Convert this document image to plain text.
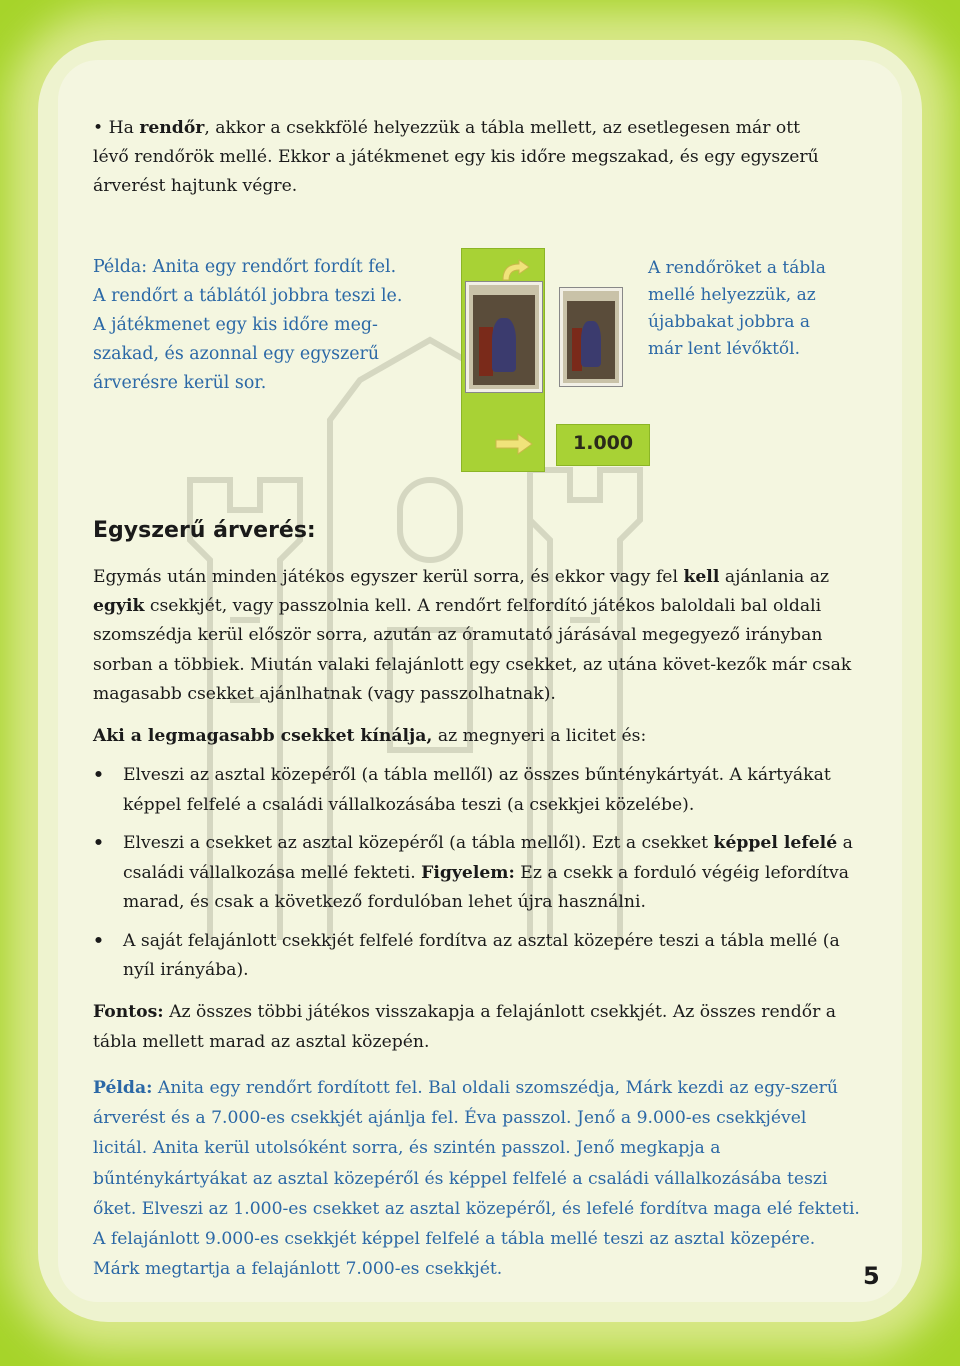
• Ha rendőr, akkor a csekkfölé helyezzük a tábla mellett, az esetlegesen már ott lévő rendőrök mellé. Ekkor a játékmenet egy kis időre megszakad, és egy egyszerű árverést hajtunk végre.
Példa: Anita egy rendőrt fordít fel.
A rendőrt a táblától jobbra teszi le.
A játékmenet egy kis időre meg-
szakad, és azonnal egy egyszerű
árverésre kerül sor.
1.000
A rendőröket a tábla
mellé helyezzük, az
újabbakat jobbra a
már lent lévőktől.
Egyszerű árverés:
Egymás után minden játékos egyszer kerül sorra, és ekkor vagy fel kell ajánlania az egyik csekkjét, vagy passzolnia kell. A rendőrt felfordító játékos baloldali bal oldali szomszédja kerül először sorra, azután az óramutató járásával megegyező irányban sorban a többiek. Miután valaki felajánlott egy csekket, az utána követ-kezők már csak magasabb csekket ajánlhatnak (vagy passzolhatnak).
Aki a legmagasabb csekket kínálja, az megnyeri a licitet és:
• Elveszi az asztal közepéről (a tábla mellől) az összes bűnténykártyát. A kártyákat képpel felfelé a családi vállalkozásába teszi (a csekkjei közelébe).
• Elveszi a csekket az asztal közepéről (a tábla mellől). Ezt a csekket képpel lefelé a családi vállalkozása mellé fekteti. Figyelem: Ez a csekk a forduló végéig lefordítva marad, és csak a következő fordulóban lehet újra használni.
• A saját felajánlott csekkjét felfelé fordítva az asztal közepére teszi a tábla mellé (a nyíl irányába).
Fontos: Az összes többi játékos visszakapja a felajánlott csekkjét. Az összes rendőr a tábla mellett marad az asztal közepén.
Példa: Anita egy rendőrt fordított fel. Bal oldali szomszédja, Márk kezdi az egy-szerű árverést és a 7.000-es csekkjét ajánlja fel. Éva passzol. Jenő a 9.000-es csekkjével licitál. Anita kerül utolsóként sorra, és szintén passzol. Jenő megkapja a bűnténykártyákat az asztal közepéről és képpel felfelé a családi vállalkozásába teszi őket. Elveszi az 1.000-es csekket az asztal közepéről, és lefelé fordítva maga elé fekteti. A felajánlott 9.000-es csekkjét képpel felfelé a tábla mellé teszi az asztal közepére. Márk megtartja a felajánlott 7.000-es csekkjét.	5
